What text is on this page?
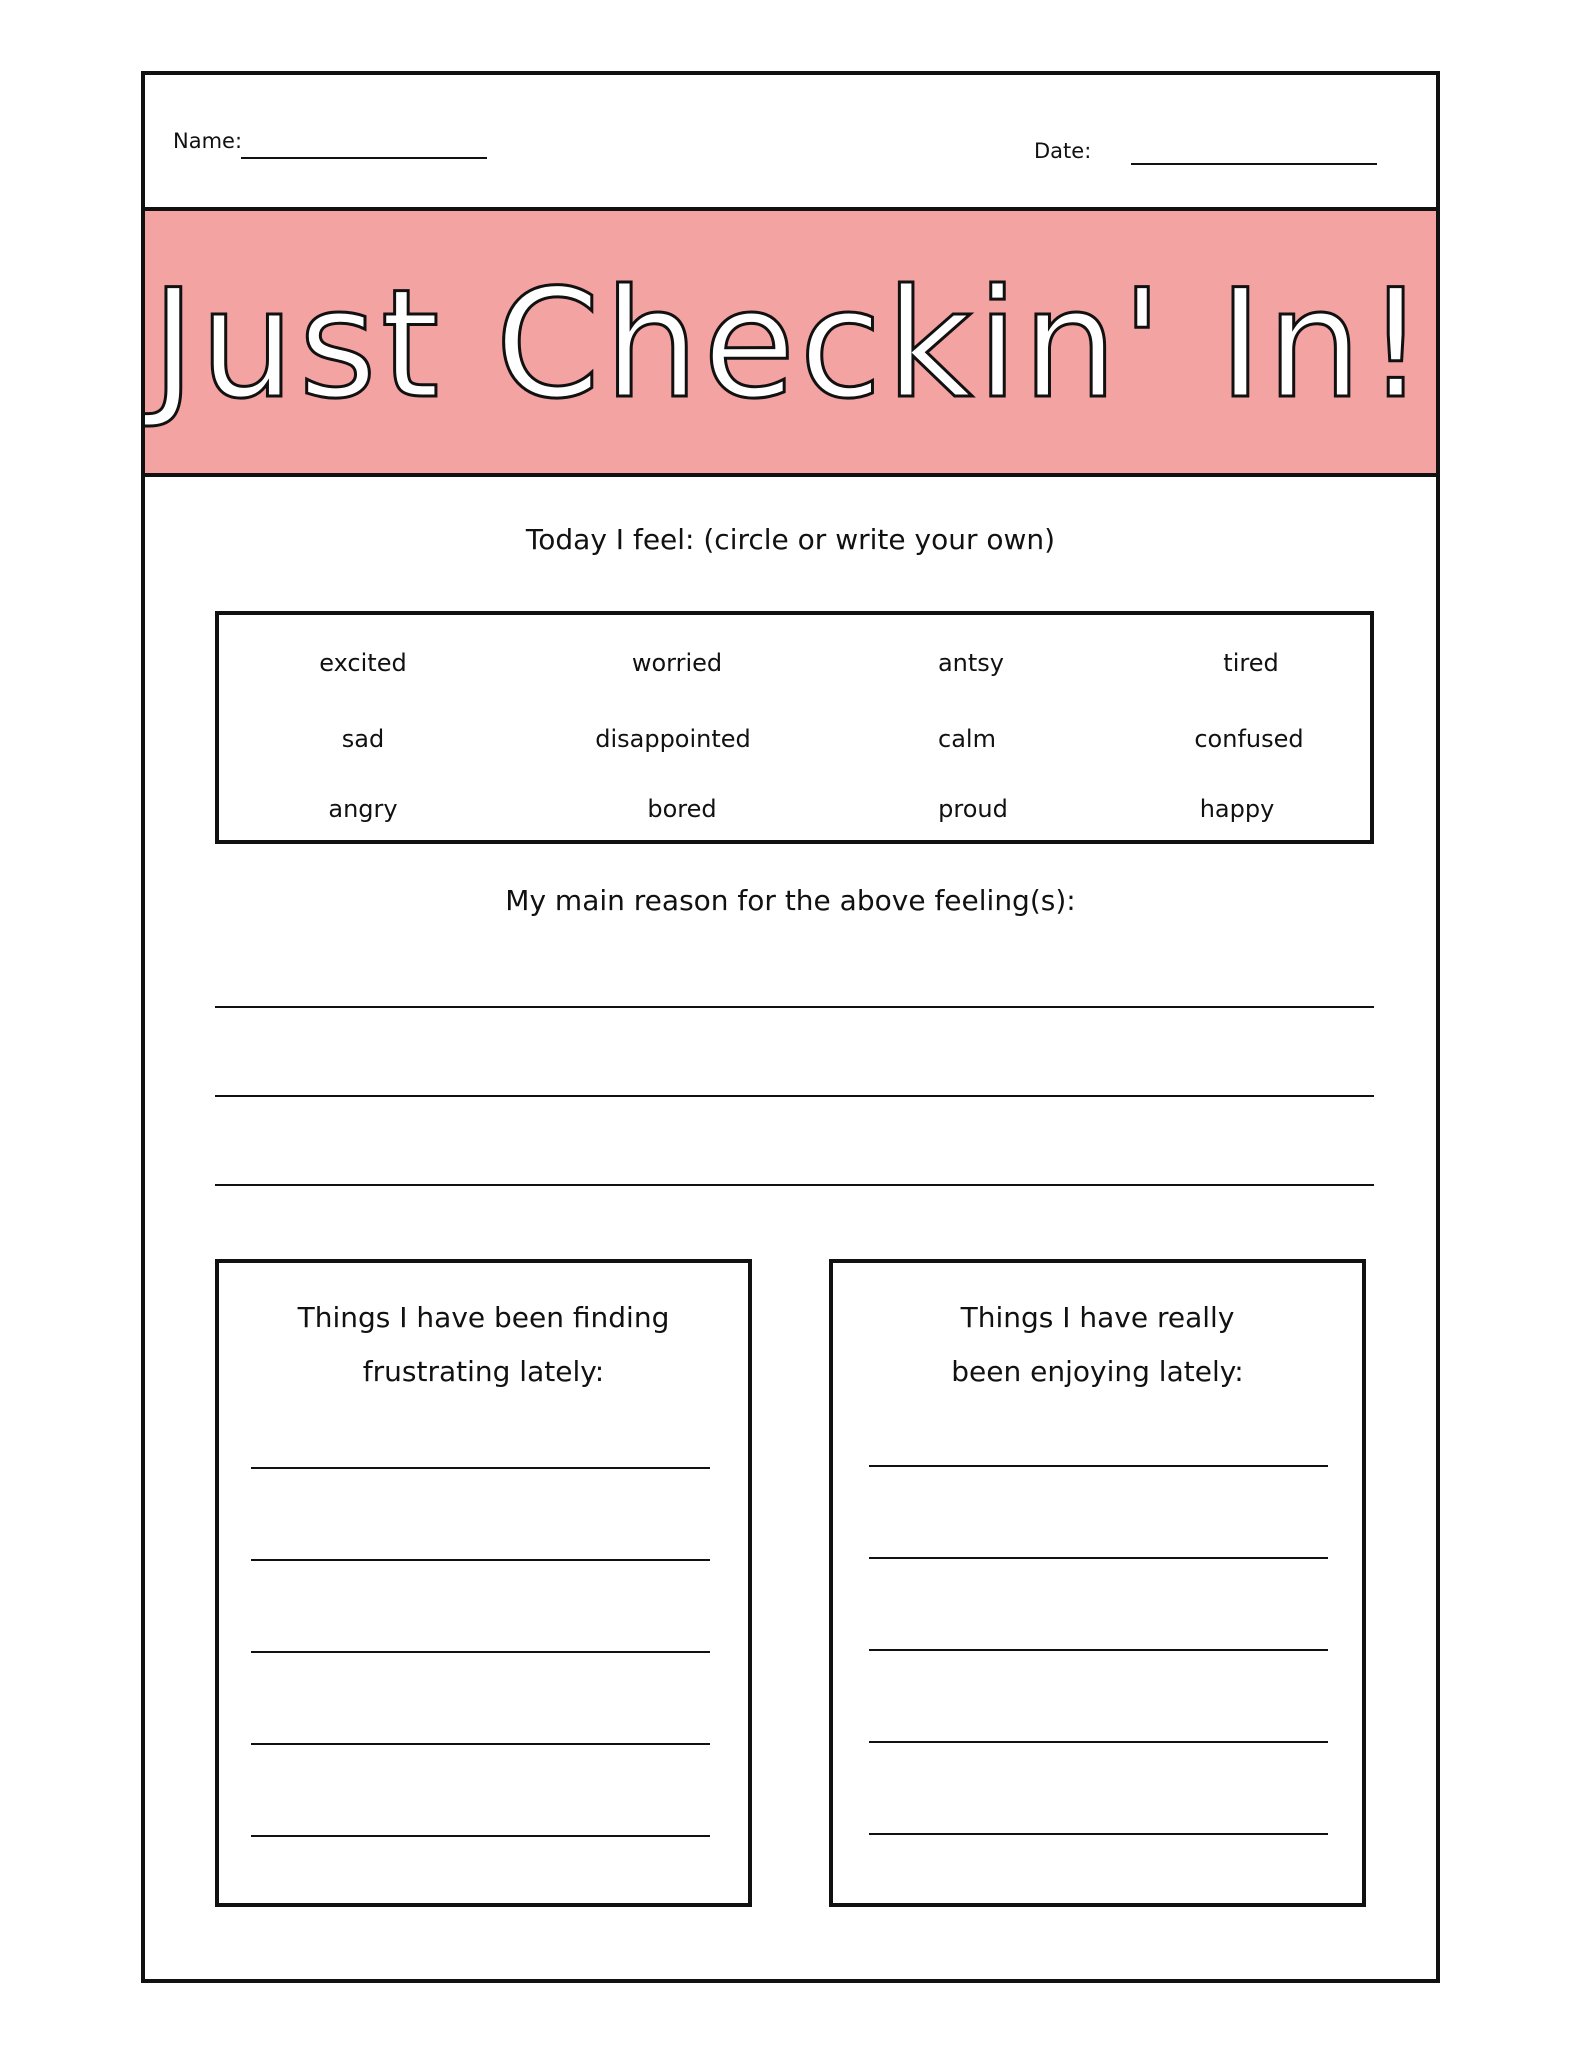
Name:	Date:
Just Checkin' In!
Today I feel: (circle or write your own)
excited	worried	antsy	tired
sad	disappointed	calm	confused
angry	bored	proud	happy
My main reason for the above feeling(s):
Things I have been finding
frustrating lately:
Things I have really
been enjoying lately:
